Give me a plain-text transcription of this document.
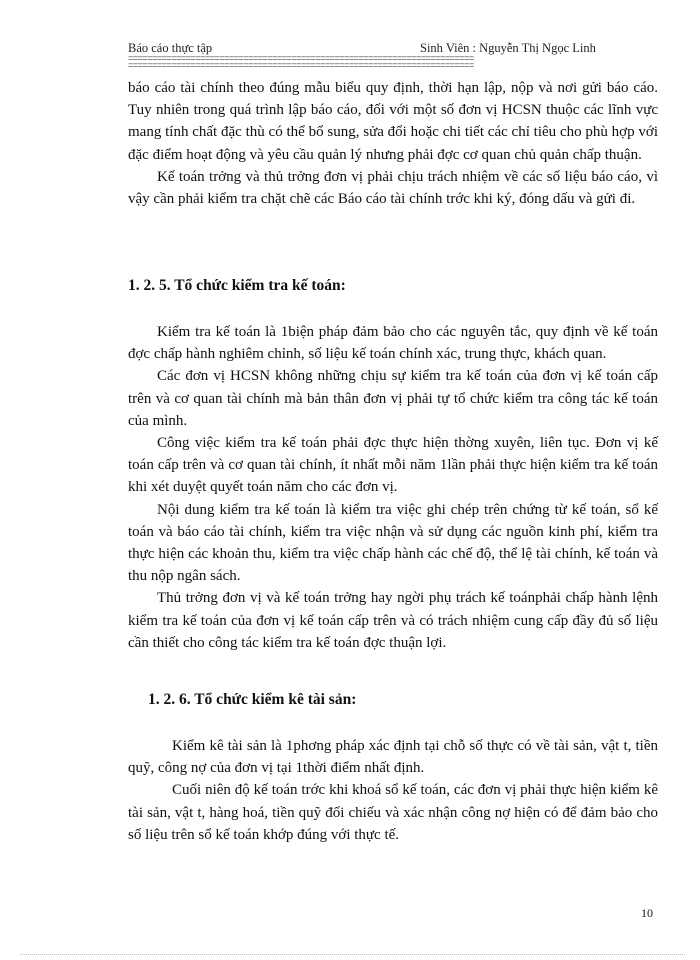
Báo cáo thực tập	Sinh Viên : Nguyễn Thị Ngọc Linh
========================================================================
========================================================================

báo cáo tài chính theo đúng mẫu biểu quy định, thời hạn lập, nộp và nơi gửi báo cáo. Tuy nhiên trong quá trình lập báo cáo, đối với một số đơn vị HCSN thuộc các lĩnh vực mang tính chất đặc thù có thể bổ sung, sửa đổi hoặc chi tiết các chỉ tiêu cho phù hợp với đặc điểm hoạt động và yêu cầu quản lý nhưng phải đợc cơ quan chủ quản chấp thuận.

Kế toán trởng và thủ trởng đơn vị phải chịu trách nhiệm về các số liệu báo cáo, vì vậy cần phải kiểm tra chặt chẽ các Báo cáo tài chính trớc khi ký, đóng dấu và gửi đi.

1. 2. 5. Tổ chức kiểm tra kế toán:

Kiểm tra kế toán là 1biện pháp đảm bảo cho các nguyên tắc, quy định về kế toán đợc chấp hành nghiêm chỉnh, số liệu kế toán chính xác, trung thực, khách quan.

Các đơn vị HCSN không những chịu sự kiểm tra kế toán của đơn vị kế toán cấp trên và cơ quan tài chính mà bản thân đơn vị phải tự tổ chức kiểm tra công tác kế toán của mình.

Công việc kiểm tra kế toán phải đợc thực hiện thờng xuyên, liên tục. Đơn vị kế toán cấp trên và cơ quan tài chính, ít nhất mỗi năm 1lần phải thực hiện kiểm tra kế toán khi xét duyệt quyết toán năm cho các đơn vị.

Nội dung kiểm tra kế toán là kiểm tra việc ghi chép trên chứng từ kế toán, sổ kế toán và báo cáo tài chính, kiểm tra việc nhận và sử dụng các nguồn kinh phí, kiểm tra thực hiện các khoản thu, kiểm tra việc chấp hành các chế độ, thể lệ tài chính, kế toán và thu nộp ngân sách.

Thủ trởng đơn vị và kế toán trởng hay ngời phụ trách kế toánphải chấp hành lệnh kiểm tra kế toán của đơn vị kế toán cấp trên và có trách nhiệm cung cấp đầy đủ số liệu cần thiết cho công tác kiểm tra kế toán đợc thuận lợi.

1. 2. 6. Tổ chức kiểm kê tài sản:

Kiểm kê tài sản là 1phơng pháp xác định tại chỗ số thực có về tài sản, vật t, tiền quỹ, công nợ của đơn vị tại 1thời điểm nhất định.

Cuối niên độ kế toán trớc khi khoá sổ kế toán, các đơn vị phải thực hiện kiểm kê tài sản, vật t, hàng hoá, tiền quỹ đối chiếu và xác nhận công nợ hiện có để đảm bảo cho số liệu trên sổ kế toán khớp đúng với thực tế.

10
